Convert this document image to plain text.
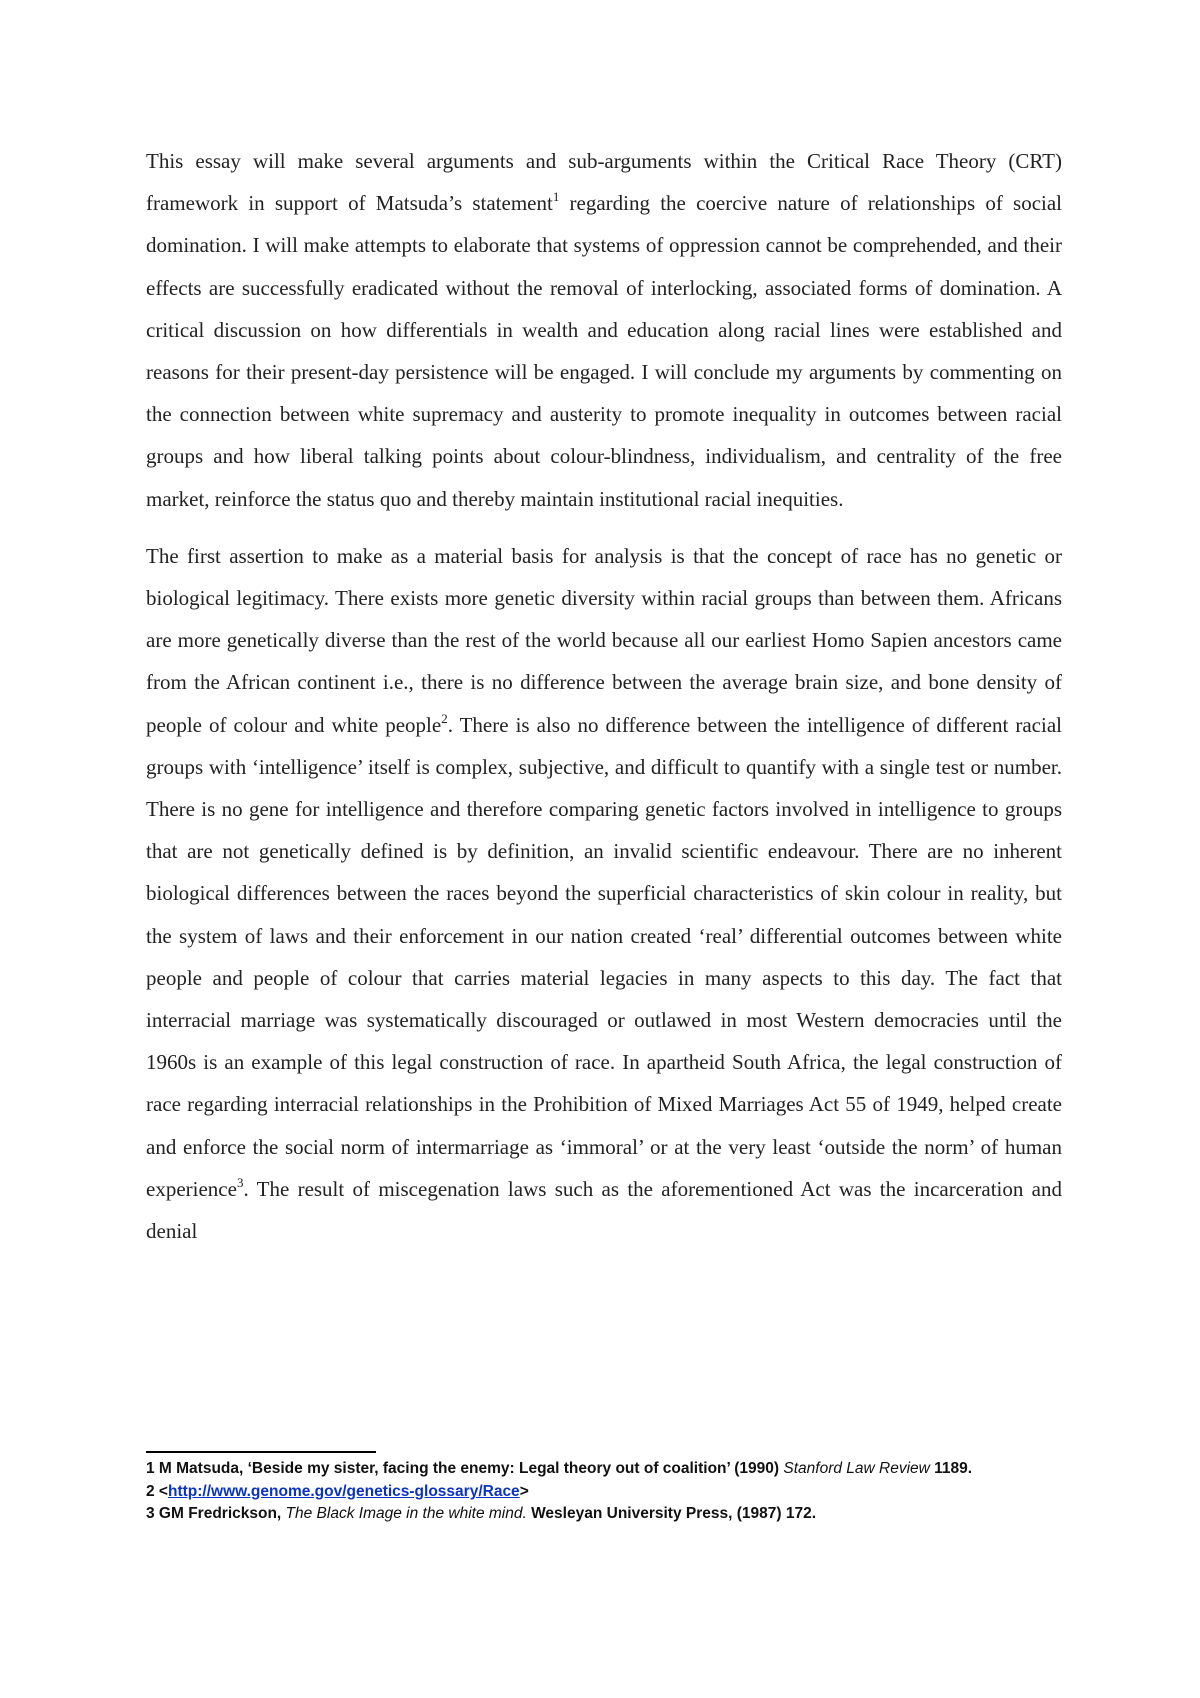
This essay will make several arguments and sub-arguments within the Critical Race Theory (CRT) framework in support of Matsuda’s statement$^1$ regarding the coercive nature of relationships of social domination. I will make attempts to elaborate that systems of oppression cannot be comprehended, and their effects are successfully eradicated without the removal of interlocking, associated forms of domination. A critical discussion on how differentials in wealth and education along racial lines were established and reasons for their present-day persistence will be engaged. I will conclude my arguments by commenting on the connection between white supremacy and austerity to promote inequality in outcomes between racial groups and how liberal talking points about colour-blindness, individualism, and centrality of the free market, reinforce the status quo and thereby maintain institutional racial inequities.

The first assertion to make as a material basis for analysis is that the concept of race has no genetic or biological legitimacy. There exists more genetic diversity within racial groups than between them. Africans are more genetically diverse than the rest of the world because all our earliest Homo Sapien ancestors came from the African continent i.e., there is no difference between the average brain size, and bone density of people of colour and white people$^2$. There is also no difference between the intelligence of different racial groups with ‘intelligence’ itself is complex, subjective, and difficult to quantify with a single test or number. There is no gene for intelligence and therefore comparing genetic factors involved in intelligence to groups that are not genetically defined is by definition, an invalid scientific endeavour. There are no inherent biological differences between the races beyond the superficial characteristics of skin colour in reality, but the system of laws and their enforcement in our nation created ‘real’ differential outcomes between white people and people of colour that carries material legacies in many aspects to this day. The fact that interracial marriage was systematically discouraged or outlawed in most Western democracies until the 1960s is an example of this legal construction of race. In apartheid South Africa, the legal construction of race regarding interracial relationships in the Prohibition of Mixed Marriages Act 55 of 1949, helped create and enforce the social norm of intermarriage as ‘immoral’ or at the very least ‘outside the norm’ of human experience$^3$. The result of miscegenation laws such as the aforementioned Act was the incarceration and denial

1 M Matsuda, ‘Beside my sister, facing the enemy: Legal theory out of coalition’ (1990) Stanford Law Review 1189.

2 <http://www.genome.gov/genetics-glossary/Race>

3 GM Fredrickson, The Black Image in the white mind. Wesleyan University Press, (1987) 172.
